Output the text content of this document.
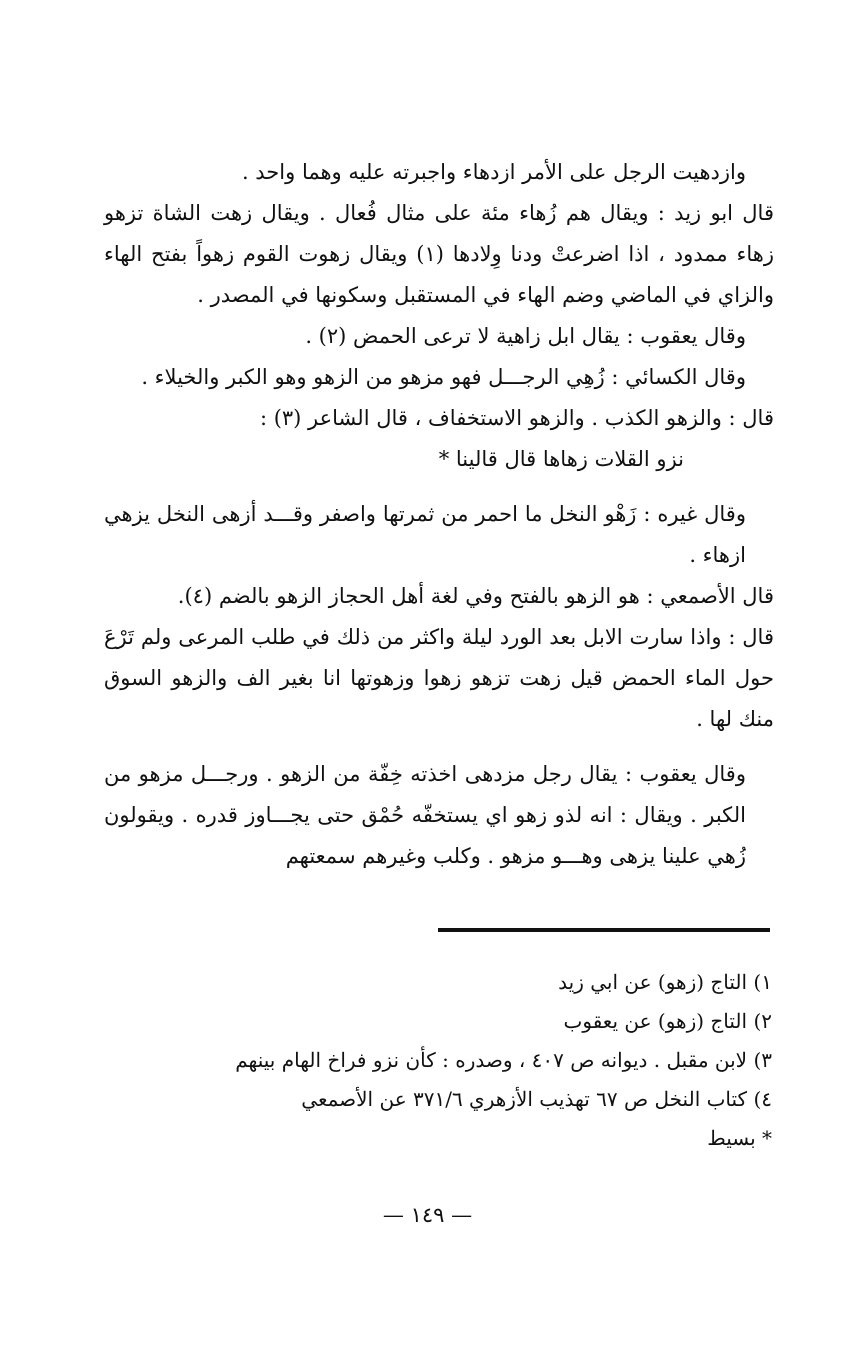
وازدهيت الرجل على الأمر ازدهاء واجبرته عليه وهما واحد .

قال ابو زيد : ويقال هم زُهاء مئة على مثال فُعال . ويقال زهت الشاة تزهو زهاء ممدود ، اذا اضرعتْ ودنا وِلادها (١) ويقال زهوت القوم زهواً بفتح الهاء والزاي في الماضي وضم الهاء في المستقبل وسكونها في المصدر .

وقال يعقوب : يقال ابل زاهية لا ترعى الحمض (٢) .

وقال الكسائي : زُهِي الرجـــل فهو مزهو من الزهو وهو الكبر والخيلاء .

قال : والزهو الكذب . والزهو الاستخفاف ، قال الشاعر (٣) :

نزو القلات زهاها قال قالينا *

وقال غيره : زَهْو النخل ما احمر من ثمرتها واصفر وقـــد أزهى النخل يزهي ازهاء .

قال الأصمعي : هو الزهو بالفتح وفي لغة أهل الحجاز الزهو بالضم (٤).

قال : واذا سارت الابل بعد الورد ليلة واكثر من ذلك في طلب المرعى ولم تَرْعَ حول الماء الحمض قيل زهت تزهو زهوا وزهوتها انا بغير الف والزهو السوق منك لها .

وقال يعقوب : يقال رجل مزدهى اخذته خِفّة من الزهو . ورجـــل مزهو من الكبر . ويقال : انه لذو زهو اي يستخفّه حُمْق حتى يجـــاوز قدره . ويقولون زُهي علينا يزهى وهـــو مزهو . وكلب وغيرهم سمعتهم

١) التاج (زهو) عن ابي زيد

٢) التاج (زهو) عن يعقوب

٣) لابن مقبل . ديوانه ص ٤٠٧ ، وصدره : كأن نزو فراخ الهام بينهم

٤) كتاب النخل ص ٦٧ تهذيب الأزهري ٣٧١/٦ عن الأصمعي

* بسيط

— ١٤٩ —
